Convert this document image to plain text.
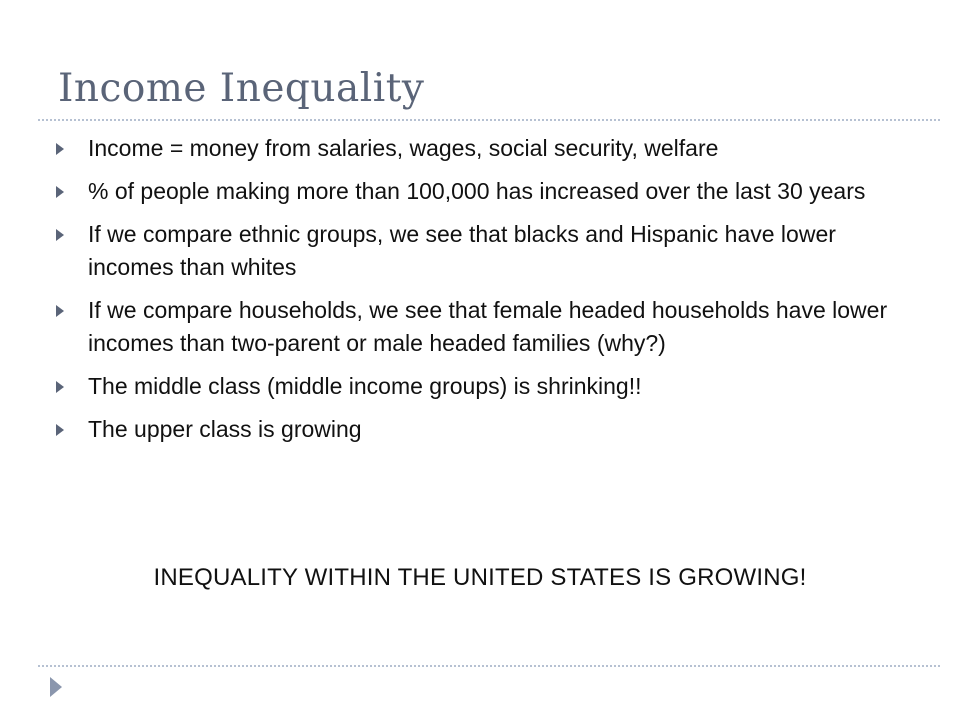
Income Inequality
Income = money from salaries, wages, social security, welfare
% of people making more than 100,000 has increased over the last 30 years
If we compare ethnic groups, we see that blacks and Hispanic have lower incomes than whites
If we compare households, we see that female headed households have lower incomes than two-parent or male headed families (why?)
The middle class (middle income groups) is shrinking!!
The upper class is growing
INEQUALITY WITHIN THE UNITED STATES IS GROWING!
